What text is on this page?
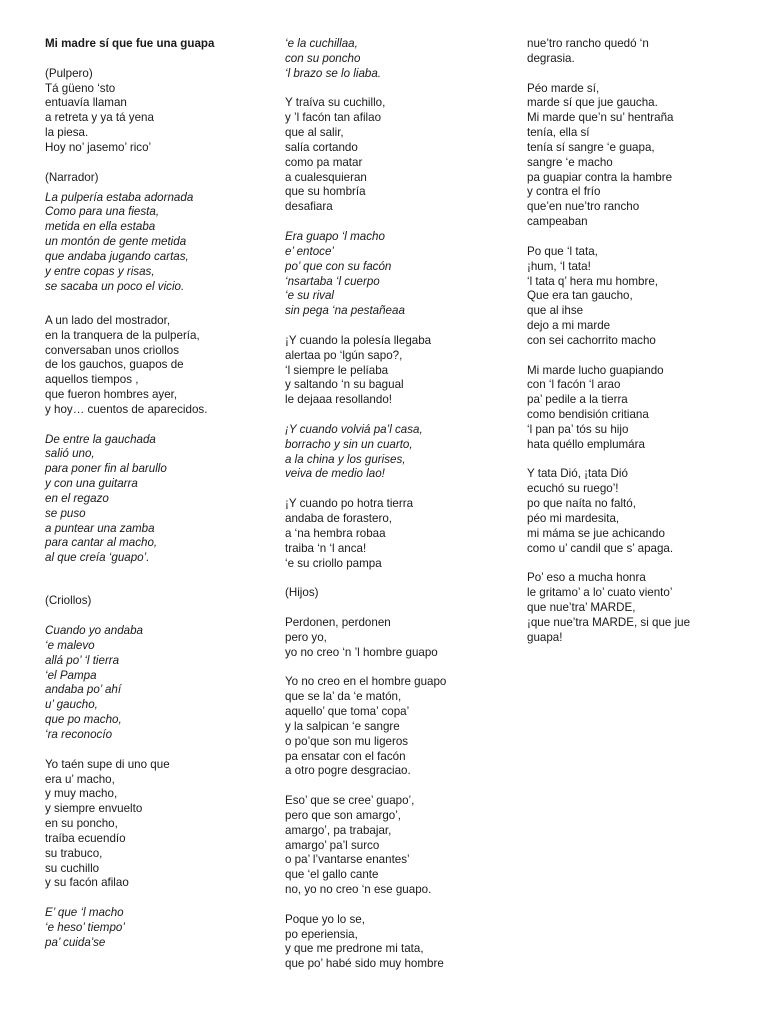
Mi madre sí que fue una guapa
(Pulpero)
Tá güeno ‘sto
entuavía llaman
a retreta y ya tá yena
la piesa.
Hoy no’ jasemo’ rico’
(Narrador)
La pulpería estaba adornada
Como para una fiesta,
metida en ella estaba
un montón de gente metida
que andaba jugando cartas,
y entre copas y risas,
se sacaba un poco el vicio.
A un lado del mostrador,
en la tranquera de la pulpería,
conversaban unos criollos
de los gauchos, guapos de
aquellos tiempos ,
que fueron hombres ayer,
y hoy… cuentos de aparecidos.
De entre la gauchada
salió uno,
para poner fin al barullo
y con una guitarra
en el regazo
se puso
a puntear una zamba
para cantar al macho,
al que creía ‘guapo’.
(Criollos)
Cuando yo andaba
‘e malevo
allá po’ ‘l tierra
‘el Pampa
andaba po’ ahí
u’ gaucho,
que po macho,
‘ra reconocío
Yo taén supe di uno que
era u’ macho,
y muy macho,
y siempre envuelto
en su poncho,
traíba ecuendío
su trabuco,
su cuchillo
y su facón afilao
E’ que ‘l macho
‘e heso’ tiempo’
pa’ cuida’se
‘e la cuchillaa,
con su poncho
‘l brazo se lo liaba.
Y traíva su cuchillo,
y ’l facón tan afilao
que al salir,
salía cortando
como pa matar
a cualesquieran
que su hombría
desafiara
Era guapo ‘l macho
e’ entoce’
po’ que con su facón
‘nsartaba ‘l cuerpo
‘e su rival
sin pega ‘na pestañeaa
¡Y cuando la polesía llegaba
alertaa po ‘lgún sapo?,
‘l siempre le pelíaba
y saltando ‘n su bagual
le dejaaa resollando!
¡Y cuando volviá pa’l casa,
borracho y sin un cuarto,
a la china y los gurises,
veiva de medio lao!
¡Y cuando po hotra tierra
andaba de forastero,
a ‘na hembra robaa
traiba ‘n ‘l anca!
‘e su criollo pampa
(Hijos)
Perdonen, perdonen
pero yo,
yo no creo ‘n ’l hombre guapo
Yo no creo en el hombre guapo
que se la’ da ‘e matón,
aquello’ que toma’ copa’
y la salpican ‘e sangre
o po’que son mu ligeros
pa ensatar con el facón
a otro pogre desgraciao.
Eso’ que se cree’ guapo’,
pero que son amargo’,
amargo’, pa trabajar,
amargo’ pa’l surco
o pa’ l’vantarse enantes’
que ‘el gallo cante
no, yo no creo ‘n ese guapo.
Poque yo lo se,
po eperiensia,
y que me predrone mi tata,
que po’ habé sido muy hombre
nue’tro rancho quedó ‘n
degrasia.
Péo marde sí,
marde sí que jue gaucha.
Mi marde que’n su’ hentraña
tenía, ella sí
tenía sí sangre ‘e guapa,
sangre ‘e macho
pa guapiar contra la hambre
y contra el frío
que’en nue’tro rancho
campeaban
Po que ‘l tata,
¡hum, ‘l tata!
‘l tata q’ hera mu hombre,
Que era tan gaucho,
que al ihse
dejo a mi marde
con sei cachorrito macho
Mi marde lucho guapiando
con ‘l facón ‘l arao
pa’ pedile a la tierra
como bendisión critiana
‘l pan pa’ tós su hijo
hata quéllo emplumára
Y tata Dió, ¡tata Dió
ecuchó su ruego’!
po que naíta no faltó,
péo mi mardesita,
mi máma se jue achicando
como u’ candil que s’ apaga.
Po’ eso a mucha honra
le gritamo’ a lo’ cuato viento’
que nue’tra’ MARDE,
¡que nue’tra MARDE, si que jue
guapa!
